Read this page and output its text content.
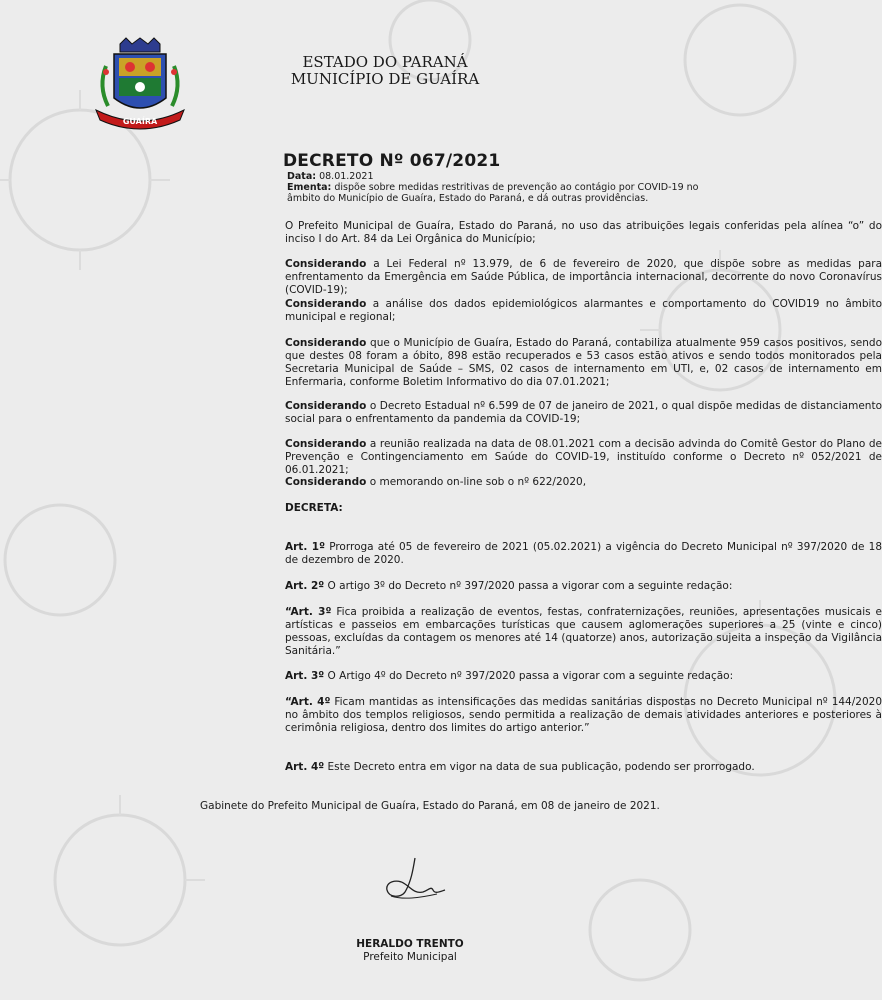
GUAÍRA
ESTADO DO PARANÁ
MUNICÍPIO DE GUAÍRA
DECRETO Nº 067/2021
Data: 08.01.2021
Ementa: dispõe sobre medidas restritivas de prevenção ao contágio por COVID-19 no âmbito do Município de Guaíra, Estado do Paraná, e dá outras providências.
O Prefeito Municipal de Guaíra, Estado do Paraná, no uso das atribuições legais conferidas pela alínea “o” do inciso I do Art. 84 da Lei Orgânica do Município;
Considerando a Lei Federal nº 13.979, de 6 de fevereiro de 2020, que dispõe sobre as medidas para enfrentamento da Emergência em Saúde Pública, de importância internacional, decorrente do novo Coronavírus (COVID-19);
Considerando a análise dos dados epidemiológicos alarmantes e comportamento do COVID19 no âmbito municipal e regional;
Considerando que o Município de Guaíra, Estado do Paraná, contabiliza atualmente 959 casos positivos, sendo que destes 08 foram a óbito, 898 estão recuperados e 53 casos estão ativos e sendo todos monitorados pela Secretaria Municipal de Saúde – SMS, 02 casos de internamento em UTI, e, 02 casos de internamento em Enfermaria, conforme Boletim Informativo do dia 07.01.2021;
Considerando o Decreto Estadual nº 6.599 de 07 de janeiro de 2021, o qual dispõe medidas de distanciamento social para o enfrentamento da pandemia da COVID-19;
Considerando a reunião realizada na data de 08.01.2021 com a decisão advinda do Comitê Gestor do Plano de Prevenção e Contingenciamento em Saúde do COVID-19, instituído conforme o Decreto nº 052/2021 de 06.01.2021;
Considerando o memorando on-line sob o nº 622/2020,
DECRETA:
Art. 1º Prorroga até 05 de fevereiro de 2021 (05.02.2021) a vigência do Decreto Municipal nº 397/2020 de 18 de dezembro de 2020.
Art. 2º O artigo 3º do Decreto nº 397/2020 passa a vigorar com a seguinte redação:
“Art. 3º Fica proibida a realização de eventos, festas, confraternizações, reuniões, apresentações musicais e artísticas e passeios em embarcações turísticas que causem aglomerações superiores a 25 (vinte e cinco) pessoas, excluídas da contagem os menores até 14 (quatorze) anos, autorização sujeita a inspeção da Vigilância Sanitária.”
Art. 3º O Artigo 4º do Decreto nº 397/2020 passa a vigorar com a seguinte redação:
“Art. 4º Ficam mantidas as intensificações das medidas sanitárias dispostas no Decreto Municipal nº 144/2020 no âmbito dos templos religiosos, sendo permitida a realização de demais atividades anteriores e posteriores à cerimônia religiosa, dentro dos limites do artigo anterior.”
Art. 4º Este Decreto entra em vigor na data de sua publicação, podendo ser prorrogado.
Gabinete do Prefeito Municipal de Guaíra, Estado do Paraná, em 08 de janeiro de 2021.
HERALDO TRENTO
Prefeito Municipal
